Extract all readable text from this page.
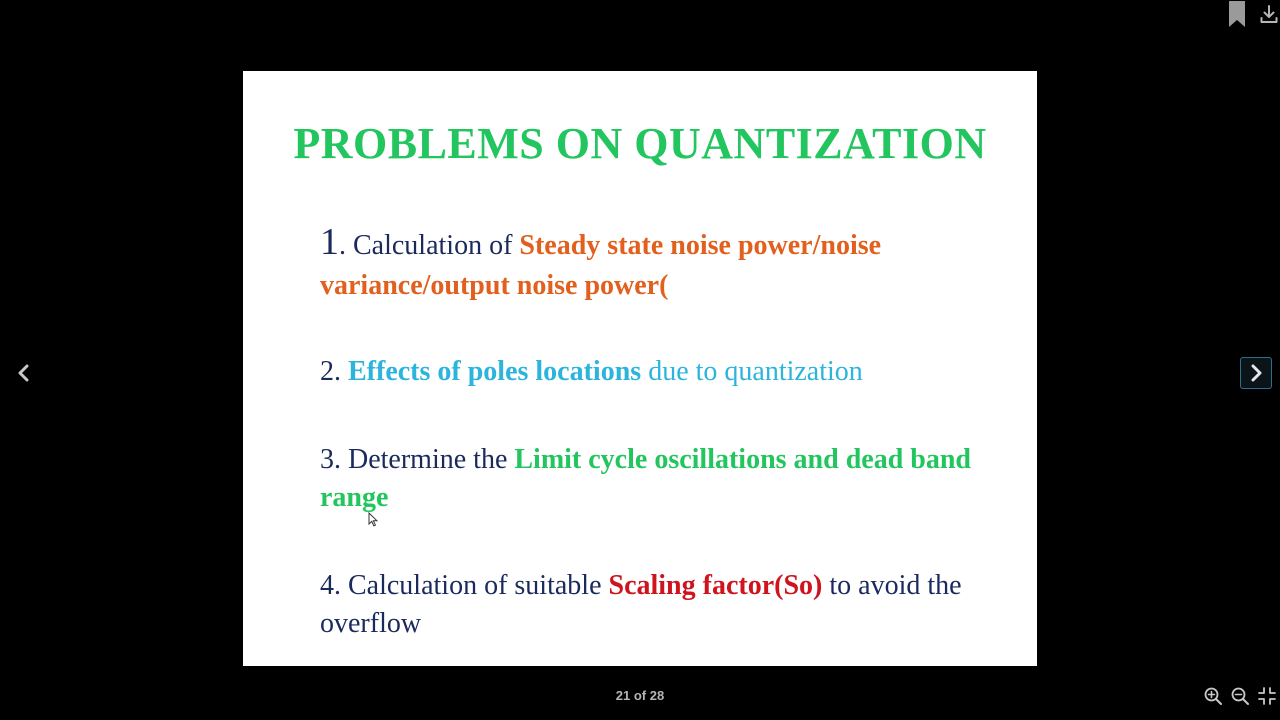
PROBLEMS ON QUANTIZATION
1. Calculation of Steady state noise power/noise variance/output noise power(
2. Effects of poles locations due to quantization
3. Determine the Limit cycle oscillations and dead band range
4. Calculation of suitable Scaling factor(So) to avoid the overflow
21 of 28
